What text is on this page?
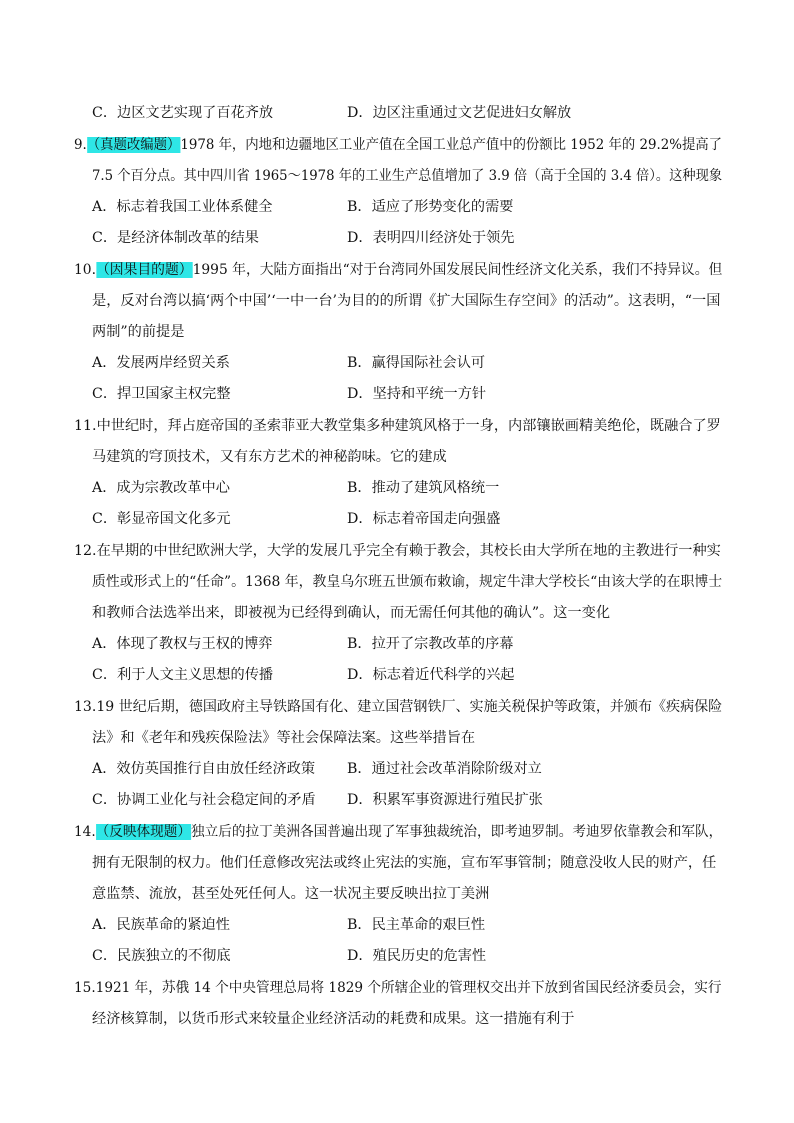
C．边区文艺实现了百花齐放	D．边区注重通过文艺促进妇女解放
9.（真题改编题）1978 年，内地和边疆地区工业产值在全国工业总产值中的份额比 1952 年的 29.2%提高了
7.5 个百分点。其中四川省 1965～1978 年的工业生产总值增加了 3.9 倍（高于全国的 3.4 倍）。这种现象
A．标志着我国工业体系健全	B．适应了形势变化的需要
C．是经济体制改革的结果	D．表明四川经济处于领先
10.（因果目的题）1995 年，大陆方面指出“对于台湾同外国发展民间性经济文化关系，我们不持异议。但
是，反对台湾以搞‘两个中国’‘一中一台’为目的的所谓《扩大国际生存空间》的活动”。这表明，“一国
两制”的前提是
A．发展两岸经贸关系	B．赢得国际社会认可
C．捍卫国家主权完整	D．坚持和平统一方针
11.中世纪时，拜占庭帝国的圣索菲亚大教堂集多种建筑风格于一身，内部镶嵌画精美绝伦，既融合了罗
马建筑的穹顶技术，又有东方艺术的神秘韵味。它的建成
A．成为宗教改革中心	B．推动了建筑风格统一
C．彰显帝国文化多元	D．标志着帝国走向强盛
12.在早期的中世纪欧洲大学，大学的发展几乎完全有赖于教会，其校长由大学所在地的主教进行一种实
质性或形式上的“任命”。1368 年，教皇乌尔班五世颁布敕谕，规定牛津大学校长“由该大学的在职博士
和教师合法选举出来，即被视为已经得到确认，而无需任何其他的确认”。这一变化
A．体现了教权与王权的博弈	B．拉开了宗教改革的序幕
C．利于人文主义思想的传播	D．标志着近代科学的兴起
13.19 世纪后期，德国政府主导铁路国有化、建立国营钢铁厂、实施关税保护等政策，并颁布《疾病保险
法》和《老年和残疾保险法》等社会保障法案。这些举措旨在
A．效仿英国推行自由放任经济政策 B．通过社会改革消除阶级对立
C．协调工业化与社会稳定间的矛盾 D．积累军事资源进行殖民扩张
14.（反映体现题）独立后的拉丁美洲各国普遍出现了军事独裁统治，即考迪罗制。考迪罗依靠教会和军队，
拥有无限制的权力。他们任意修改宪法或终止宪法的实施，宣布军事管制；随意没收人民的财产，任
意监禁、流放，甚至处死任何人。这一状况主要反映出拉丁美洲
A．民族革命的紧迫性	B．民主革命的艰巨性
C．民族独立的不彻底	D．殖民历史的危害性
15.1921 年，苏俄 14 个中央管理总局将 1829 个所辖企业的管理权交出并下放到省国民经济委员会，实行
经济核算制，以货币形式来较量企业经济活动的耗费和成果。这一措施有利于
